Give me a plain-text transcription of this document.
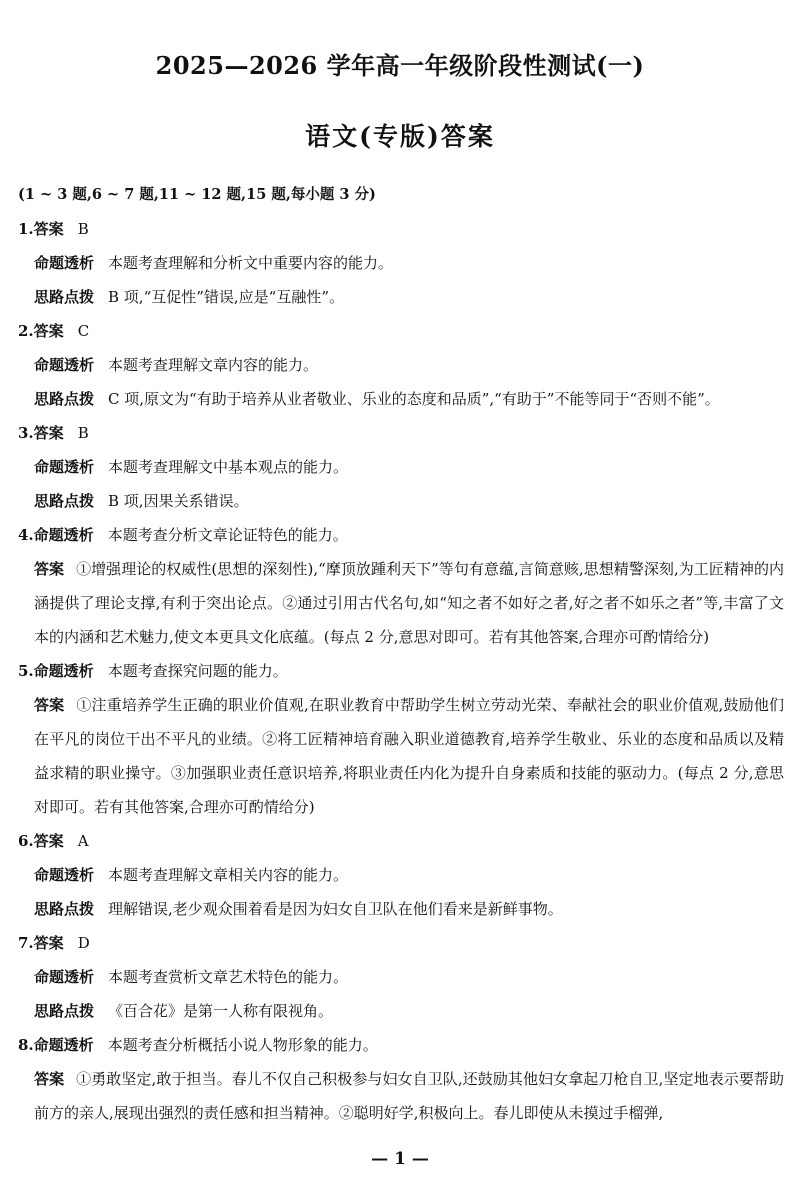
2025—2026 学年高一年级阶段性测试(一)
语文(专版)答案
(1 ~ 3 题,6 ~ 7 题,11 ~ 12 题,15 题,每小题 3 分)
1.答案 B
命题透析 本题考查理解和分析文中重要内容的能力。
思路点拨 B 项,“互促性”错误,应是“互融性”。
2.答案 C
命题透析 本题考查理解文章内容的能力。
思路点拨 C 项,原文为“有助于培养从业者敬业、乐业的态度和品质”,“有助于”不能等同于“否则不能”。
3.答案 B
命题透析 本题考查理解文中基本观点的能力。
思路点拨 B 项,因果关系错误。
4.命题透析 本题考查分析文章论证特色的能力。
答案 ①增强理论的权威性(思想的深刻性),“摩顶放踵利天下”等句有意蕴,言简意赅,思想精警深刻,为工匠精神的内涵提供了理论支撑,有利于突出论点。②通过引用古代名句,如“知之者不如好之者,好之者不如乐之者”等,丰富了文本的内涵和艺术魅力,使文本更具文化底蕴。(每点 2 分,意思对即可。若有其他答案,合理亦可酌情给分)
5.命题透析 本题考查探究问题的能力。
答案 ①注重培养学生正确的职业价值观,在职业教育中帮助学生树立劳动光荣、奉献社会的职业价值观,鼓励他们在平凡的岗位干出不平凡的业绩。②将工匠精神培育融入职业道德教育,培养学生敬业、乐业的态度和品质以及精益求精的职业操守。③加强职业责任意识培养,将职业责任内化为提升自身素质和技能的驱动力。(每点 2 分,意思对即可。若有其他答案,合理亦可酌情给分)
6.答案 A
命题透析 本题考查理解文章相关内容的能力。
思路点拨 理解错误,老少观众围着看是因为妇女自卫队在他们看来是新鲜事物。
7.答案 D
命题透析 本题考查赏析文章艺术特色的能力。
思路点拨 《百合花》是第一人称有限视角。
8.命题透析 本题考查分析概括小说人物形象的能力。
答案 ①勇敢坚定,敢于担当。春儿不仅自己积极参与妇女自卫队,还鼓励其他妇女拿起刀枪自卫,坚定地表示要帮助前方的亲人,展现出强烈的责任感和担当精神。②聪明好学,积极向上。春儿即使从未摸过手榴弹,
— 1 —
